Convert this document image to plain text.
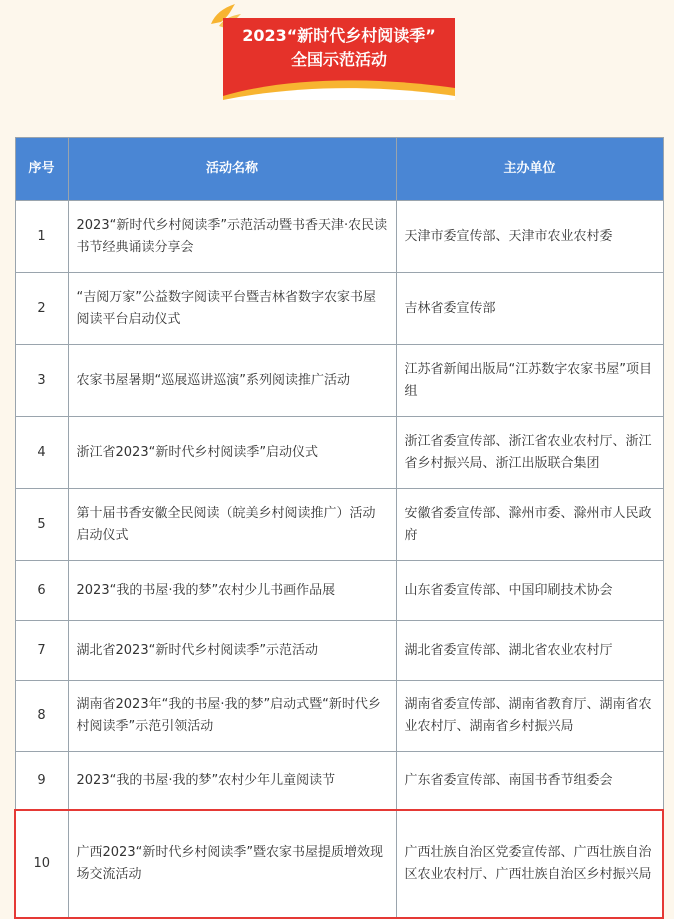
2023“新时代乡村阅读季”
全国示范活动
序号	活动名称	主办单位
1	2023“新时代乡村阅读季”示范活动暨书香天津·农民读书节经典诵读分享会	天津市委宣传部、天津市农业农村委
2	“吉阅万家”公益数字阅读平台暨吉林省数字农家书屋阅读平台启动仪式	吉林省委宣传部
3	农家书屋暑期“巡展巡讲巡演”系列阅读推广活动	江苏省新闻出版局“江苏数字农家书屋”项目组
4	浙江省2023“新时代乡村阅读季”启动仪式	浙江省委宣传部、浙江省农业农村厅、浙江省乡村振兴局、浙江出版联合集团
5	第十届书香安徽全民阅读（皖美乡村阅读推广）活动启动仪式	安徽省委宣传部、滁州市委、滁州市人民政府
6	2023“我的书屋·我的梦”农村少儿书画作品展	山东省委宣传部、中国印刷技术协会
7	湖北省2023“新时代乡村阅读季”示范活动	湖北省委宣传部、湖北省农业农村厅
8	湖南省2023年“我的书屋·我的梦”启动式暨“新时代乡村阅读季”示范引领活动	湖南省委宣传部、湖南省教育厅、湖南省农业农村厅、湖南省乡村振兴局
9	2023“我的书屋·我的梦”农村少年儿童阅读节	广东省委宣传部、南国书香节组委会
10	广西2023“新时代乡村阅读季”暨农家书屋提质增效现场交流活动	广西壮族自治区党委宣传部、广西壮族自治区农业农村厅、广西壮族自治区乡村振兴局
